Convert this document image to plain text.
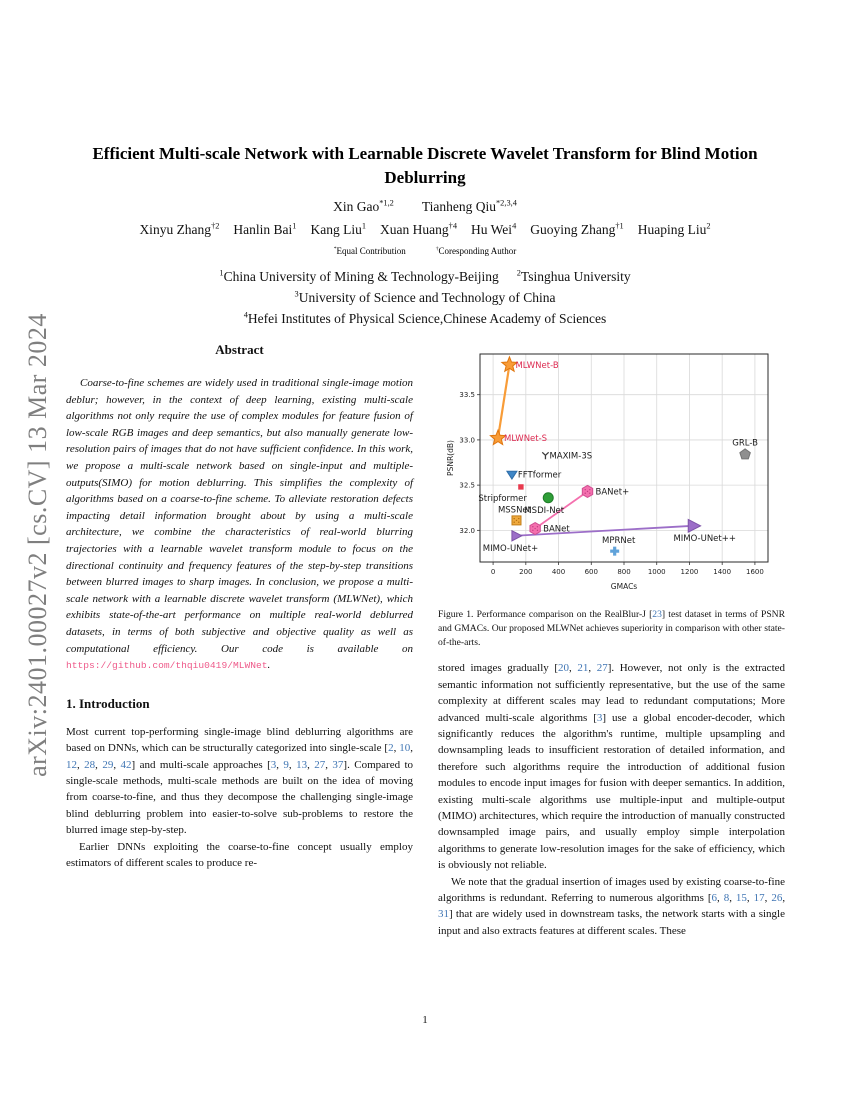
arXiv:2401.00027v2 [cs.CV] 13 Mar 2024
Efficient Multi-scale Network with Learnable Discrete Wavelet Transform for Blind Motion Deblurring
Xin Gao$^{*1,2}$ Tianheng Qiu$^{*2,3,4}$
Xinyu Zhang$^{\dagger 2}$ Hanlin Bai$^1$ Kang Liu$^1$ Xuan Huang$^{\dagger 4}$ Hu Wei$^4$ Guoying Zhang$^{\dagger 1}$ Huaping Liu$^2$
*Equal Contribution	†Coresponding Author
$^1$China University of Mining & Technology-Beijing $^2$Tsinghua University
$^3$University of Science and Technology of China
$^4$Hefei Institutes of Physical Science,Chinese Academy of Sciences
Abstract

Coarse-to-fine schemes are widely used in traditional single-image motion deblur; however, in the context of deep learning, existing multi-scale algorithms not only require the use of complex modules for feature fusion of low-scale RGB images and deep semantics, but also manually generate low-resolution pairs of images that do not have sufficient confidence. In this work, we propose a multi-scale network based on single-input and multiple-outputs(SIMO) for motion deblurring. This simplifies the complexity of algorithms based on a coarse-to-fine scheme. To alleviate restoration defects impacting detail information brought about by using a multi-scale architecture, we combine the characteristics of real-world blurring trajectories with a learnable wavelet transform module to focus on the directional continuity and frequency features of the step-by-step transitions between blurred images to sharp images. In conclusion, we propose a multi-scale network with a learnable discrete wavelet transform (MLWNet), which exhibits state-of-the-art performance on multiple real-world deblurred datasets, in terms of both subjective and objective quality as well as computational efficiency. Our code is available on https://github.com/thqiu0419/MLWNet.

1. Introduction

Most current top-performing single-image blind deblurring algorithms are based on DNNs, which can be structurally categorized into single-scale [2, 10, 12, 28, 29, 42] and multi-scale approaches [3, 9, 13, 27, 37]. Compared to single-scale methods, multi-scale methods are built on the idea of moving from coarse-to-fine, and thus they decompose the challenging single-image blind deblurring problem into easier-to-solve sub-problems to restore the blurred image step-by-step.

Earlier DNNs exploiting the coarse-to-fine concept usually employ estimators of different scales to produce re-

0	200	400	600	800 1000 1200 1400 1600
32.0
32.5
33.0
33.5
GMACs
PSNR(dB)
MLWNet-B
MLWNet-S
MAXIM-3S
GRL-B
FFTformer
Stripformer
MSDI-Net
BANet+
MSSNet
BANet
MIMO-UNet+
MIMO-UNet++
MPRNet

Figure 1. Performance comparison on the RealBlur-J [23] test dataset in terms of PSNR and GMACs. Our proposed MLWNet achieves superiority in comparison with other state-of-the-arts.

stored images gradually [20, 21, 27]. However, not only is the extracted semantic information not sufficiently representative, but the use of the same complexity at different scales may lead to redundant computations; More advanced multi-scale algorithms [3] use a global encoder-decoder, which significantly reduces the algorithm's runtime, multiple upsampling and downsampling leads to insufficient restoration of detailed information, and therefore such algorithms require the introduction of additional fusion modules to encode input images for fusion with deeper semantics. In addition, existing multi-scale algorithms use multiple-input and multiple-output (MIMO) architectures, which require the introduction of manually constructed downsampled image pairs, and usually employ simple interpolation algorithms to generate low-resolution images for the sake of efficiency, which is obviously not reliable.

We note that the gradual insertion of images used by existing coarse-to-fine algorithms is redundant. Referring to numerous algorithms [6, 8, 15, 17, 26, 31] that are widely used in downstream tasks, the network starts with a single input and also extracts features at different scales. These

1
